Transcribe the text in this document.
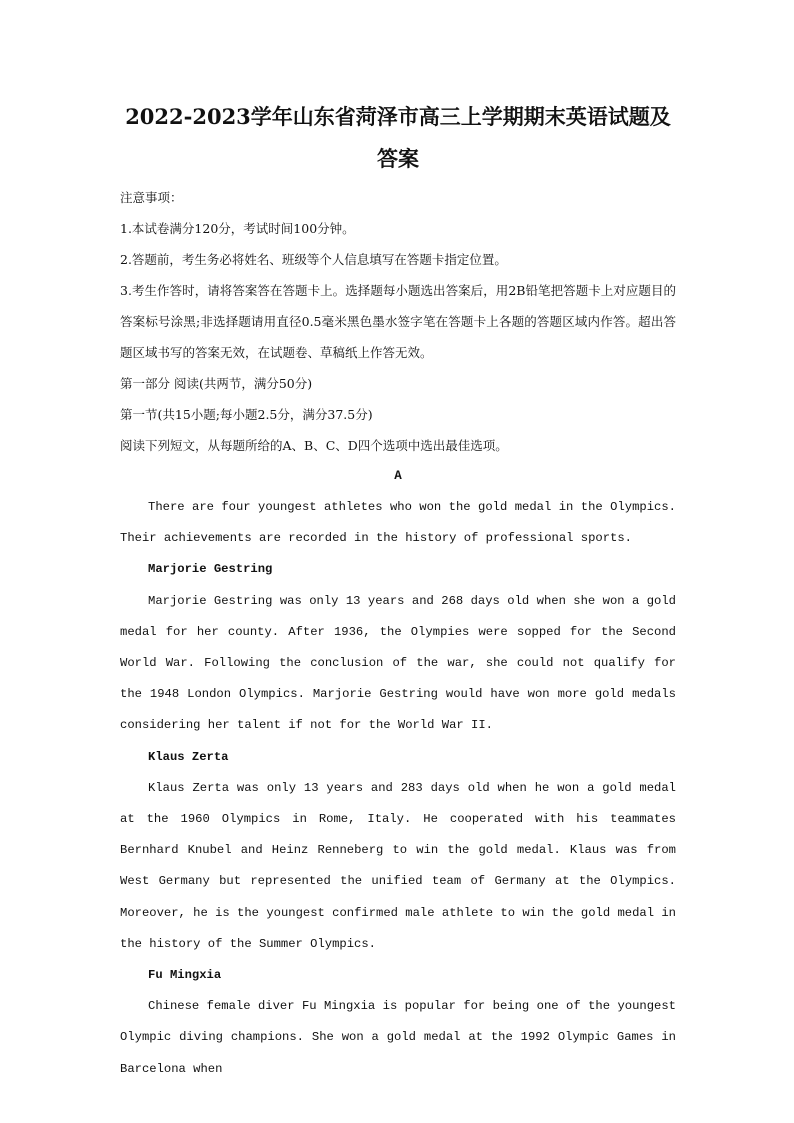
2022-2023学年山东省菏泽市高三上学期期末英语试题及答案

注意事项：

1.本试卷满分120分，考试时间100分钟。

2.答题前，考生务必将姓名、班级等个人信息填写在答题卡指定位置。

3.考生作答时，请将答案答在答题卡上。选择题每小题选出答案后，用2B铅笔把答题卡上对应题目的答案标号涂黑;非选择题请用直径0.5毫米黑色墨水签字笔在答题卡上各题的答题区域内作答。超出答题区域书写的答案无效，在试题卷、草稿纸上作答无效。

第一部分 阅读(共两节，满分50分)

第一节(共15小题;每小题2.5分，满分37.5分)

阅读下列短文，从每题所给的A、B、C、D四个选项中选出最佳选项。

A

There are four youngest athletes who won the gold medal in the Olympics. Their achievements are recorded in the history of professional sports.

Marjorie Gestring

Marjorie Gestring was only 13 years and 268 days old when she won a gold medal for her county. After 1936, the Olympies were sopped for the Second World War. Following the conclusion of the war, she could not qualify for the 1948 London Olympics. Marjorie Gestring would have won more gold medals considering her talent if not for the World War II.

Klaus Zerta

Klaus Zerta was only 13 years and 283 days old when he won a gold medal at the 1960 Olympics in Rome, Italy. He cooperated with his teammates Bernhard Knubel and Heinz Renneberg to win the gold medal. Klaus was from West Germany but represented the unified team of Germany at the Olympics. Moreover, he is the youngest confirmed male athlete to win the gold medal in the history of the Summer Olympics.

Fu Mingxia

Chinese female diver Fu Mingxia is popular for being one of the youngest Olympic diving champions. She won a gold medal at the 1992 Olympic Games in Barcelona when
